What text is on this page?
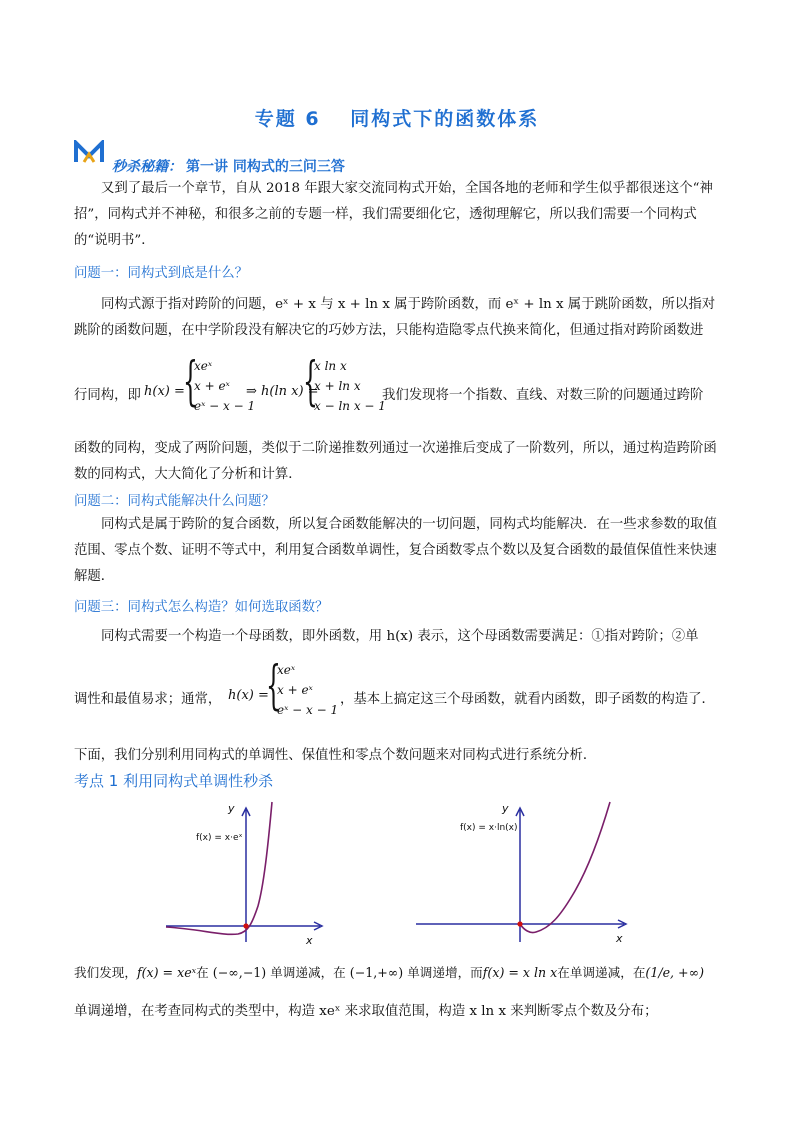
专题 6　 同构式下的函数体系
秒杀秘籍： 第一讲 同构式的三问三答
又到了最后一个章节，自从 2018 年跟大家交流同构式开始，全国各地的老师和学生似乎都很迷这个“神招”，同构式并不神秘，和很多之前的专题一样，我们需要细化它，透彻理解它，所以我们需要一个同构式的“说明书”．
问题一：同构式到底是什么？
同构式源于指对跨阶的问题，eˣ + x 与 x + ln x 属于跨阶函数，而 eˣ + ln x 属于跳阶函数，所以指对跳阶的函数问题，在中学阶段没有解决它的巧妙方法，只能构造隐零点代换来简化，但通过指对跨阶函数进
行同构，即 h(x) =
{
xeˣ
x + eˣ
eˣ − x − 1
⇒ h(ln x) =
{
x ln x
x + ln x
x − ln x − 1
我们发现将一个指数、直线、对数三阶的问题通过跨阶
函数的同构，变成了两阶问题，类似于二阶递推数列通过一次递推后变成了一阶数列，所以，通过构造跨阶函数的同构式，大大简化了分析和计算．
问题二：同构式能解决什么问题？
同构式是属于跨阶的复合函数，所以复合函数能解决的一切问题，同构式均能解决．在一些求参数的取值范围、零点个数、证明不等式中，利用复合函数单调性，复合函数零点个数以及复合函数的最值保值性来快速解题．
问题三：同构式怎么构造？如何选取函数？
同构式需要一个构造一个母函数，即外函数，用 h(x) 表示，这个母函数需要满足：①指对跨阶；②单
调性和最值易求；通常， h(x) =
{
xeˣ
x + eˣ
eˣ − x − 1
，基本上搞定这三个母函数，就看内函数，即子函数的构造了．
下面，我们分别利用同构式的单调性、保值性和零点个数问题来对同构式进行系统分析．
考点 1 利用同构式单调性秒杀
f(x) = x·eˣ
y
x
f(x) = x·ln(x)
y
x
我们发现，f(x) = xeˣ在 (−∞,−1) 单调递减，在 (−1,+∞) 单调递增，而f(x) = x ln x在单调递减，在(1/e, +∞)
单调递增，在考查同构式的类型中，构造 xeˣ 来求取值范围，构造 x ln x 来判断零点个数及分布；
